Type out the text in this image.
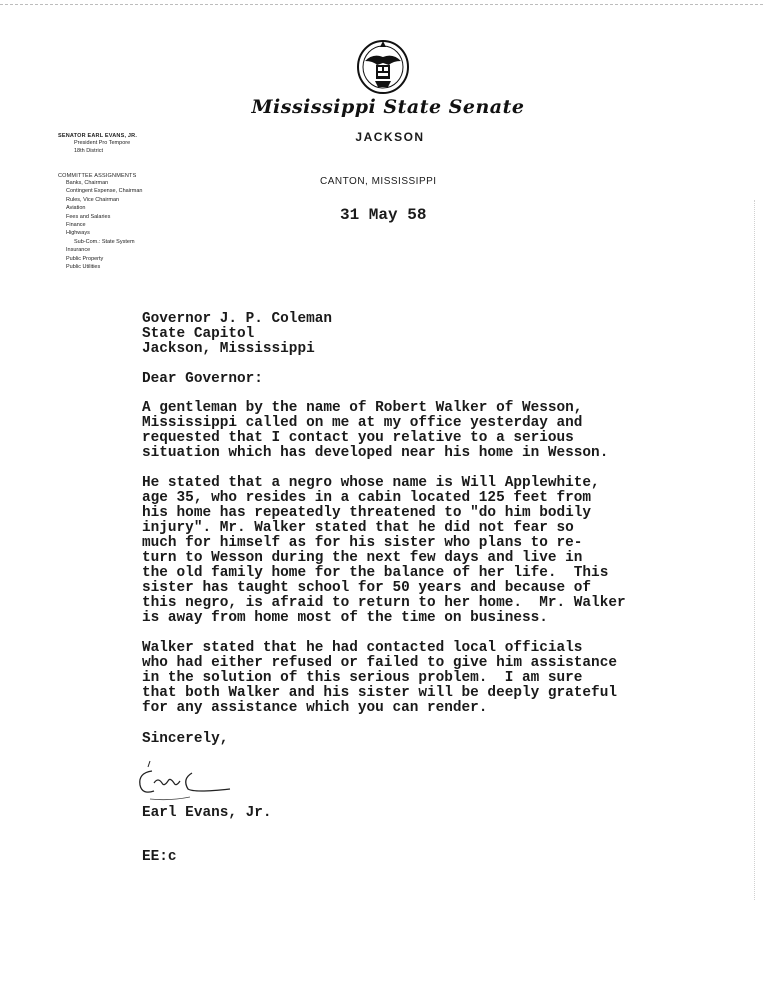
Mississippi State Senate
JACKSON
SENATOR EARL EVANS, JR.
President Pro Tempore
18th District
COMMITTEE ASSIGNMENTS
Banks, Chairman
Contingent Expense, Chairman
Rules, Vice Chairman
Aviation
Fees and Salaries
Finance
Highways
Sub-Com.: State System
Insurance
Public Property
Public Utilities
CANTON, MISSISSIPPI
31 May 58
Governor J. P. Coleman
State Capitol
Jackson, Mississippi
Dear Governor:
A gentleman by the name of Robert Walker of Wesson,
Mississippi called on me at my office yesterday and
requested that I contact you relative to a serious
situation which has developed near his home in Wesson.
He stated that a negro whose name is Will Applewhite,
age 35, who resides in a cabin located 125 feet from
his home has repeatedly threatened to "do him bodily
injury". Mr. Walker stated that he did not fear so
much for himself as for his sister who plans to re-
turn to Wesson during the next few days and live in
the old family home for the balance of her life.  This
sister has taught school for 50 years and because of
this negro, is afraid to return to her home.  Mr. Walker
is away from home most of the time on business.
Walker stated that he had contacted local officials
who had either refused or failed to give him assistance
in the solution of this serious problem.  I am sure
that both Walker and his sister will be deeply grateful
for any assistance which you can render.
Sincerely,
Earl Evans, Jr.
EE:c
